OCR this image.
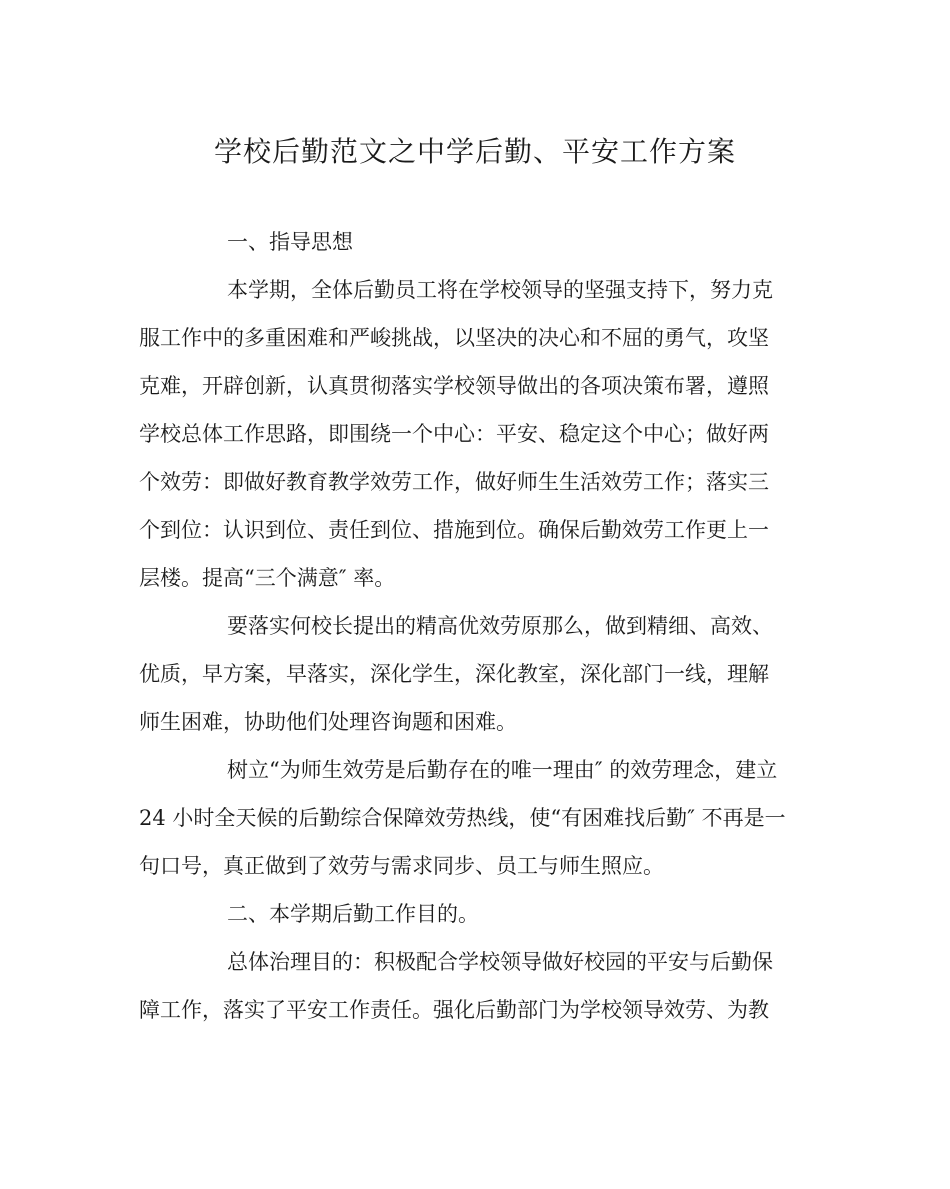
学校后勤范文之中学后勤、平安工作方案
一、指导思想
本学期，全体后勤员工将在学校领导的坚强支持下，努力克
服工作中的多重困难和严峻挑战，以坚决的决心和不屈的勇气，攻坚
克难，开辟创新，认真贯彻落实学校领导做出的各项决策布署，遵照
学校总体工作思路，即围绕一个中心：平安、稳定这个中心；做好两
个效劳：即做好教育教学效劳工作，做好师生生活效劳工作；落实三
个到位：认识到位、责任到位、措施到位。确保后勤效劳工作更上一
层楼。提高“三个满意″ 率。
要落实何校长提出的精高优效劳原那么，做到精细、高效、
优质，早方案，早落实，深化学生，深化教室，深化部门一线，理解
师生困难，协助他们处理咨询题和困难。
树立“为师生效劳是后勤存在的唯一理由″ 的效劳理念，建立
24 小时全天候的后勤综合保障效劳热线，使“有困难找后勤″ 不再是一
句口号，真正做到了效劳与需求同步、员工与师生照应。
二、本学期后勤工作目的。
总体治理目的：积极配合学校领导做好校园的平安与后勤保
障工作，落实了平安工作责任。强化后勤部门为学校领导效劳、为教
